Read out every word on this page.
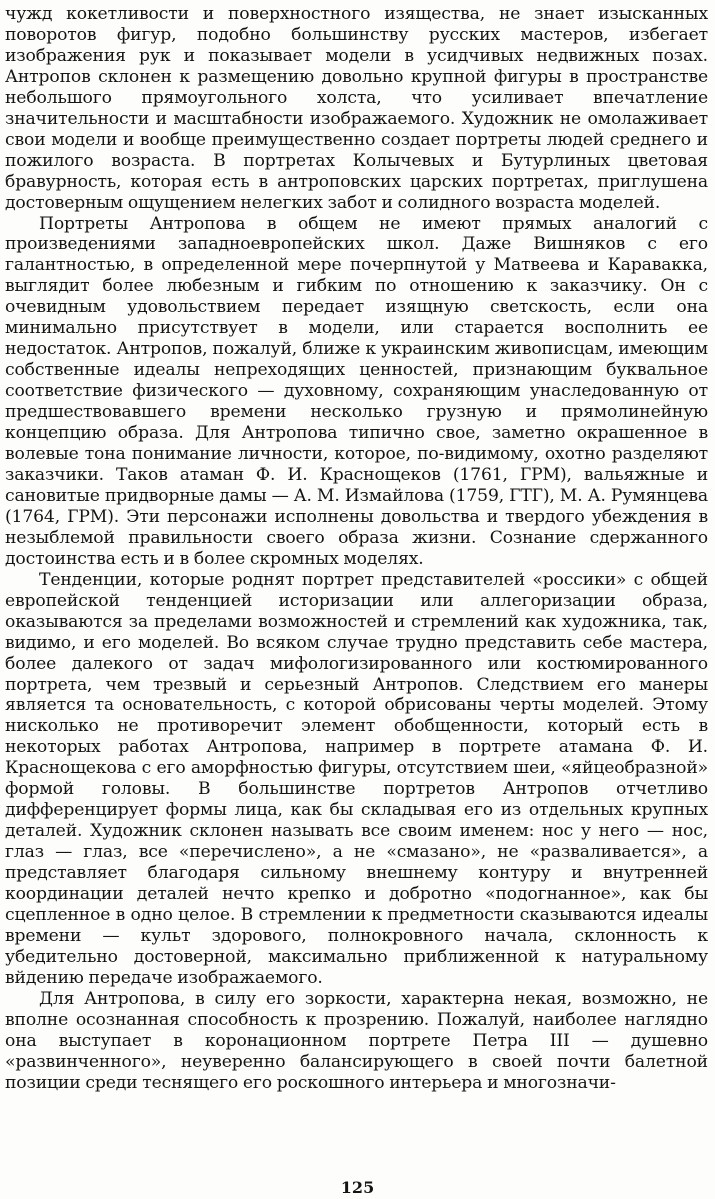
чужд кокетливости и поверхностного изящества, не знает изысканных поворотов фигур, подобно большинству русских мастеров, избегает изображения рук и показывает модели в усидчивых недвижных позах. Антропов склонен к размещению довольно крупной фигуры в пространстве небольшого прямоугольного холста, что усиливает впечатление значительности и масштабности изображаемого. Художник не омолаживает свои модели и вообще преимущественно создает портреты людей среднего и пожилого возраста. В портретах Колычевых и Бутурлиных цветовая бравурность, которая есть в антроповских царских портретах, приглушена достоверным ощущением нелегких забот и солидного возраста моделей.

Портреты Антропова в общем не имеют прямых аналогий с произведениями западноевропейских школ. Даже Вишняков с его галантностью, в определенной мере почерпнутой у Матвеева и Каравакка, выглядит более любезным и гибким по отношению к заказчику. Он с очевидным удовольствием передает изящную светскость, если она минимально присутствует в модели, или старается восполнить ее недостаток. Антропов, пожалуй, ближе к украинским живописцам, имеющим собственные идеалы непреходящих ценностей, признающим буквальное соответствие физического — духовному, сохраняющим унаследованную от предшествовавшего времени несколько грузную и прямолинейную концепцию образа. Для Антропова типично свое, заметно окрашенное в волевые тона понимание личности, которое, по-видимому, охотно разделяют заказчики. Таков атаман Ф. И. Краснощеков (1761, ГРМ), вальяжные и сановитые придворные дамы — А. М. Измайлова (1759, ГТГ), М. А. Румянцева (1764, ГРМ). Эти персонажи исполнены довольства и твердого убеждения в незыблемой правильности своего образа жизни. Сознание сдержанного достоинства есть и в более скромных моделях.

Тенденции, которые роднят портрет представителей «россики» с общей европейской тенденцией историзации или аллегоризации образа, оказываются за пределами возможностей и стремлений как художника, так, видимо, и его моделей. Во всяком случае трудно представить себе мастера, более далекого от задач мифологизированного или костюмированного портрета, чем трезвый и серьезный Антропов. Следствием его манеры является та основательность, с которой обрисованы черты моделей. Этому нисколько не противоречит элемент обобщенности, который есть в некоторых работах Антропова, например в портрете атамана Ф. И. Краснощекова с его аморфностью фигуры, отсутствием шеи, «яйцеобразной» формой головы. В большинстве портретов Антропов отчетливо дифференцирует формы лица, как бы складывая его из отдельных крупных деталей. Художник склонен называть все своим именем: нос у него — нос, глаз — глаз, все «перечислено», а не «смазано», не «разваливается», а представляет благодаря сильному внешнему контуру и внутренней координации деталей нечто крепко и добротно «подогнанное», как бы сцепленное в одно целое. В стремлении к предметности сказываются идеалы времени — культ здорового, полнокровного начала, склонность к убедительно достоверной, максимально приближенной к натуральному вйдению передаче изображаемого.

Для Антропова, в силу его зоркости, характерна некая, возможно, не вполне осознанная способность к прозрению. Пожалуй, наиболее наглядно она выступает в коронационном портрете Петра III — душевно «развинченного», неуверенно балансирующего в своей почти балетной позиции среди теснящего его роскошного интерьера и многозначи-

125
